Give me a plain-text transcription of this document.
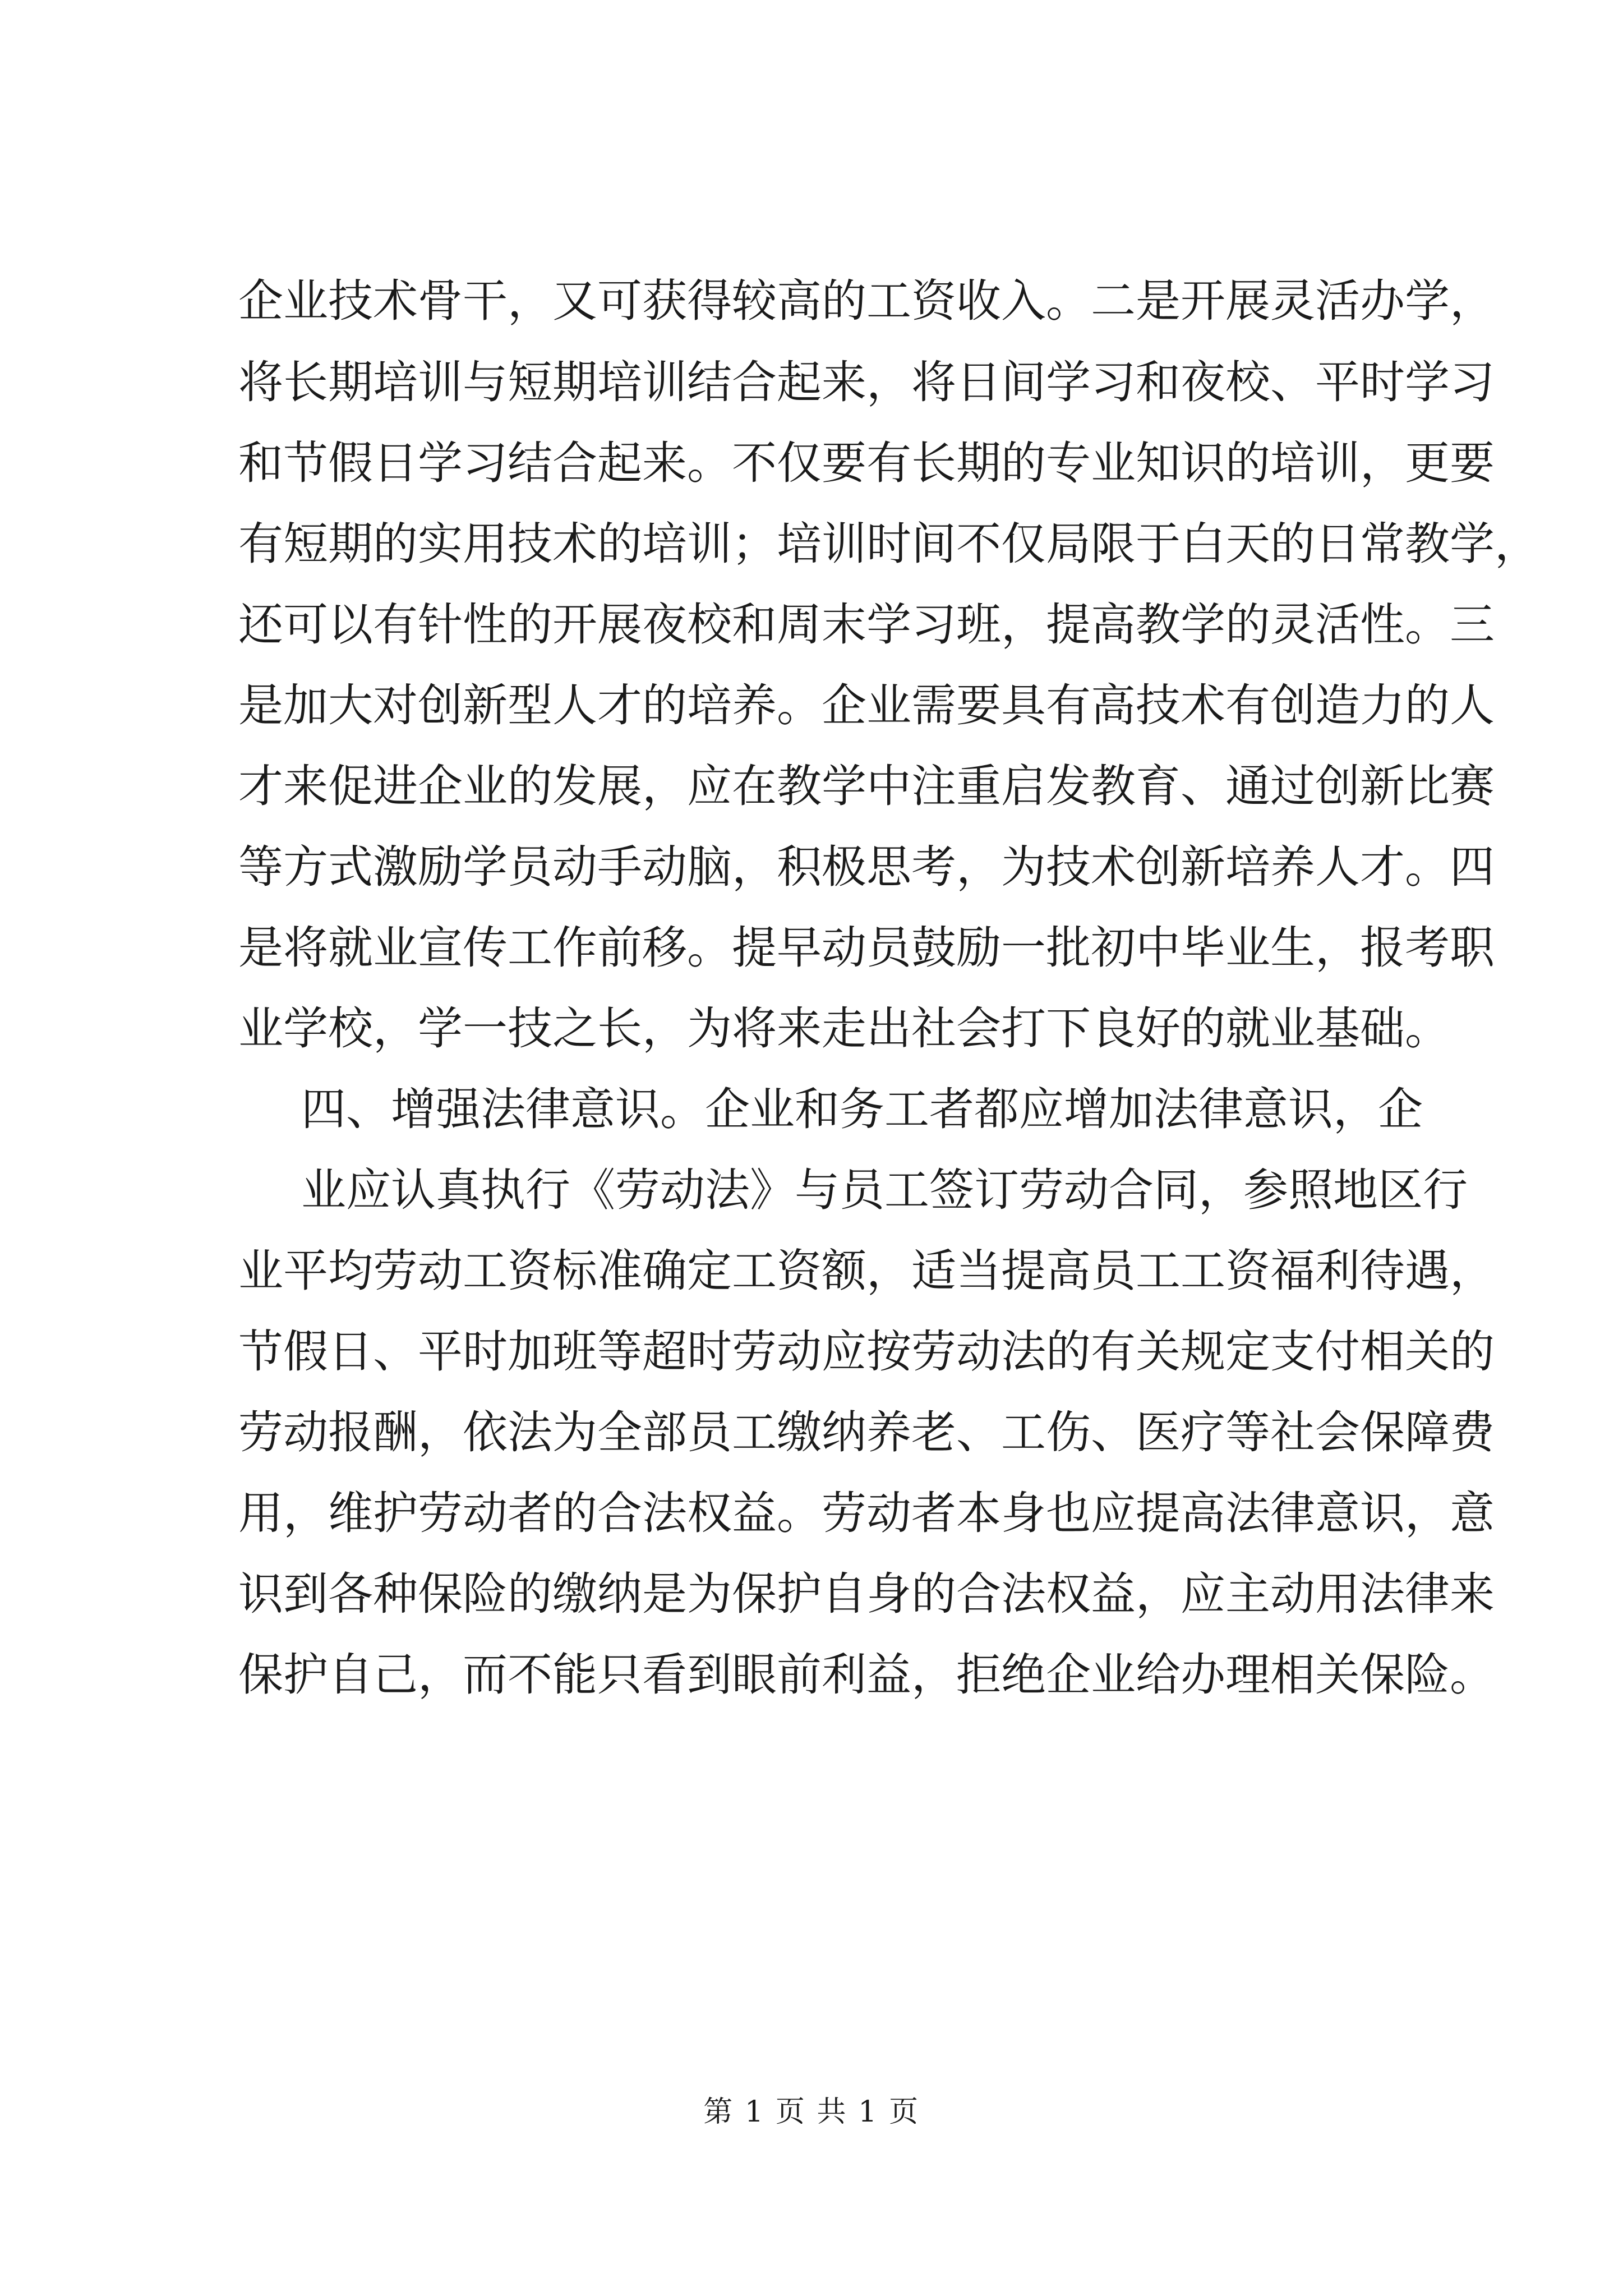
企业技术骨干，又可获得较高的工资收入。二是开展灵活办学，
将长期培训与短期培训结合起来，将日间学习和夜校、平时学习
和节假日学习结合起来。不仅要有长期的专业知识的培训，更要
有短期的实用技术的培训；培训时间不仅局限于白天的日常教学，
还可以有针性的开展夜校和周末学习班，提高教学的灵活性。三
是加大对创新型人才的培养。企业需要具有高技术有创造力的人
才来促进企业的发展，应在教学中注重启发教育、通过创新比赛
等方式激励学员动手动脑，积极思考，为技术创新培养人才。四
是将就业宣传工作前移。提早动员鼓励一批初中毕业生，报考职
业学校，学一技之长，为将来走出社会打下良好的就业基础。
四、增强法律意识。企业和务工者都应增加法律意识，企
业应认真执行《劳动法》与员工签订劳动合同，参照地区行
业平均劳动工资标准确定工资额，适当提高员工工资福利待遇，
节假日、平时加班等超时劳动应按劳动法的有关规定支付相关的
劳动报酬，依法为全部员工缴纳养老、工伤、医疗等社会保障费
用，维护劳动者的合法权益。劳动者本身也应提高法律意识，意
识到各种保险的缴纳是为保护自身的合法权益，应主动用法律来
保护自己，而不能只看到眼前利益，拒绝企业给办理相关保险。
第 1 页 共 1 页
